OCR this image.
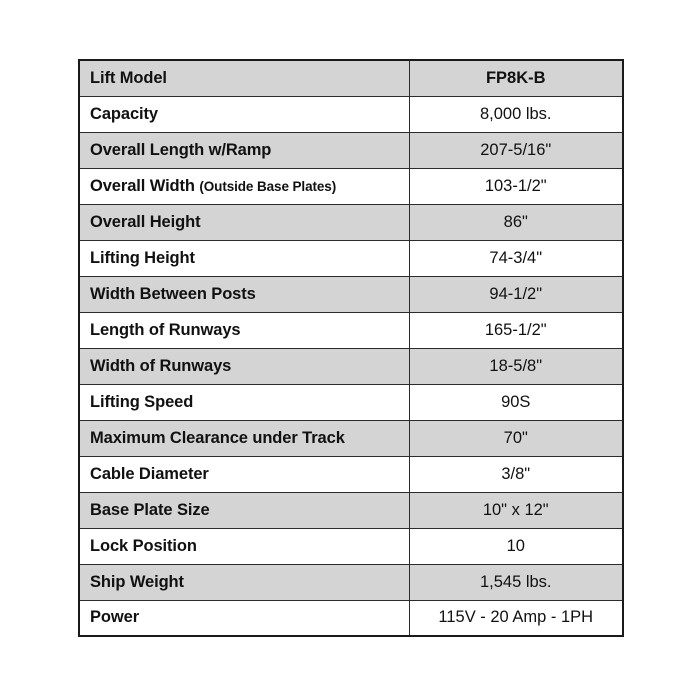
Lift Model	FP8K-B
Capacity	8,000 lbs.
Overall Length w/Ramp	207-5/16"
Overall Width (Outside Base Plates)	103-1/2"
Overall Height	86"
Lifting Height	74-3/4"
Width Between Posts	94-1/2"
Length of Runways	165-1/2"
Width of Runways	18-5/8"
Lifting Speed	90S
Maximum Clearance under Track	70"
Cable Diameter	3/8"
Base Plate Size	10" x 12"
Lock Position	10
Ship Weight	1,545 lbs.
Power	115V - 20 Amp - 1PH
